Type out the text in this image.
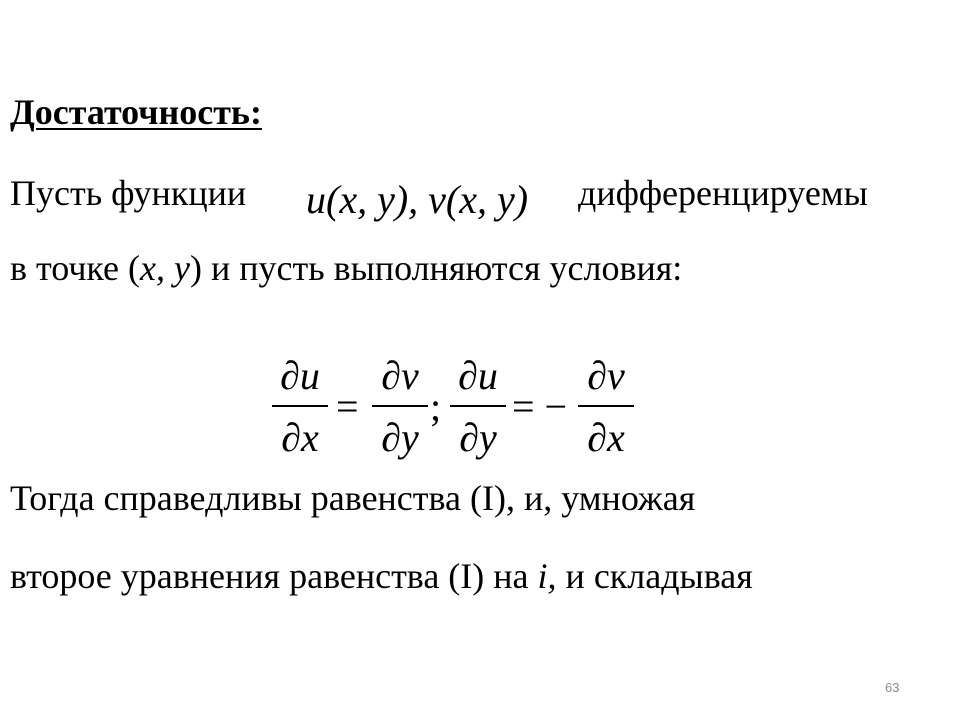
Достаточность:
Пусть функции u(x, y), v(x, y) дифференцируемы
в точке (x, y) и пусть выполняются условия:
∂u
∂x
=
∂v
∂y
;
∂u
∂y
= −
∂v
∂x
Тогда справедливы равенства (I), и, умножая
второе уравнения равенства (I) на i, и складывая
63
